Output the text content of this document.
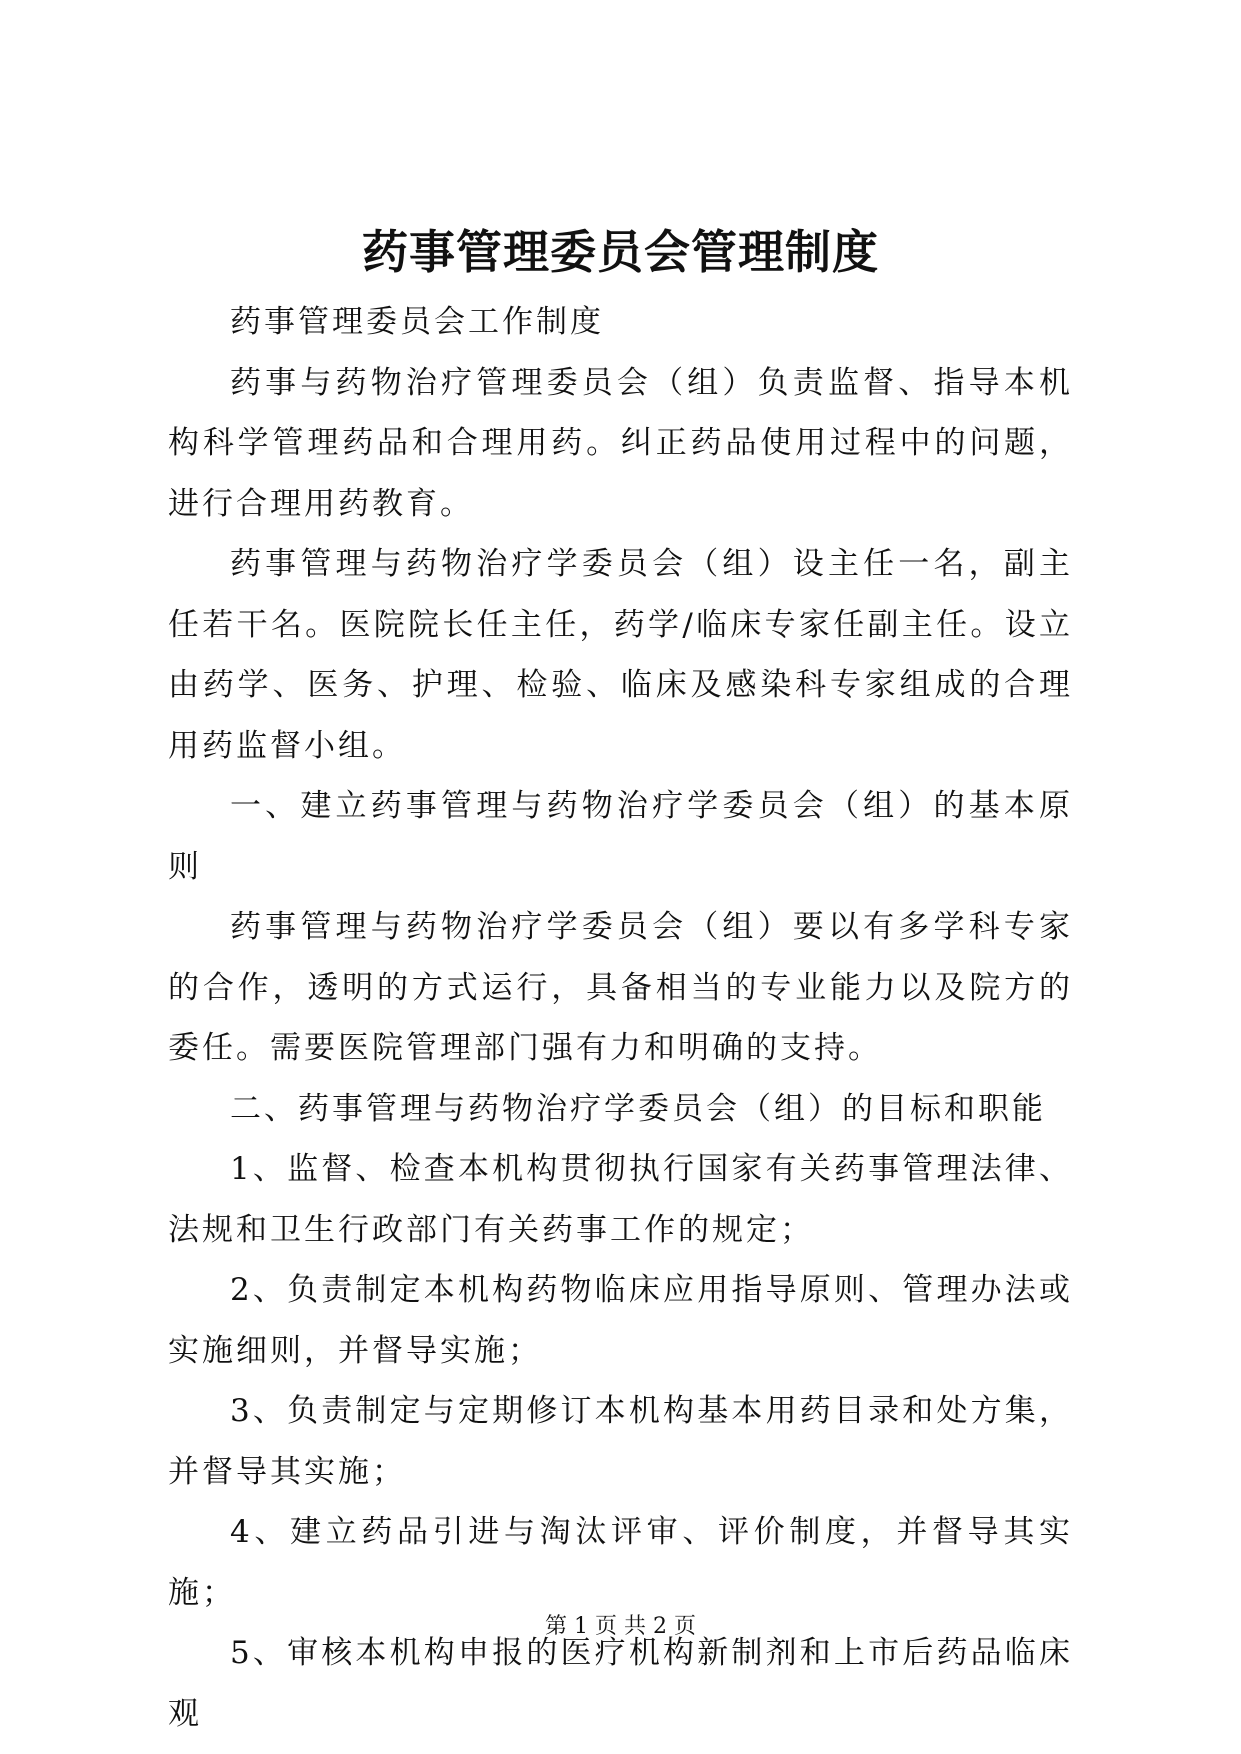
药事管理委员会管理制度

药事管理委员会工作制度

药事与药物治疗管理委员会（组）负责监督、指导本机构科学管理药品和合理用药。纠正药品使用过程中的问题，进行合理用药教育。

药事管理与药物治疗学委员会（组）设主任一名，副主任若干名。医院院长任主任，药学/临床专家任副主任。设立由药学、医务、护理、检验、临床及感染科专家组成的合理用药监督小组。

一、建立药事管理与药物治疗学委员会（组）的基本原则

药事管理与药物治疗学委员会（组）要以有多学科专家的合作，透明的方式运行，具备相当的专业能力以及院方的委任。需要医院管理部门强有力和明确的支持。

二、药事管理与药物治疗学委员会（组）的目标和职能

1、监督、检查本机构贯彻执行国家有关药事管理法律、法规和卫生行政部门有关药事工作的规定；

2、负责制定本机构药物临床应用指导原则、管理办法或实施细则，并督导实施；

3、负责制定与定期修订本机构基本用药目录和处方集，并督导其实施；

4、建立药品引进与淘汰评审、评价制度，并督导其实施；

5、审核本机构申报的医疗机构新制剂和上市后药品临床观

第 1 页 共 2 页
